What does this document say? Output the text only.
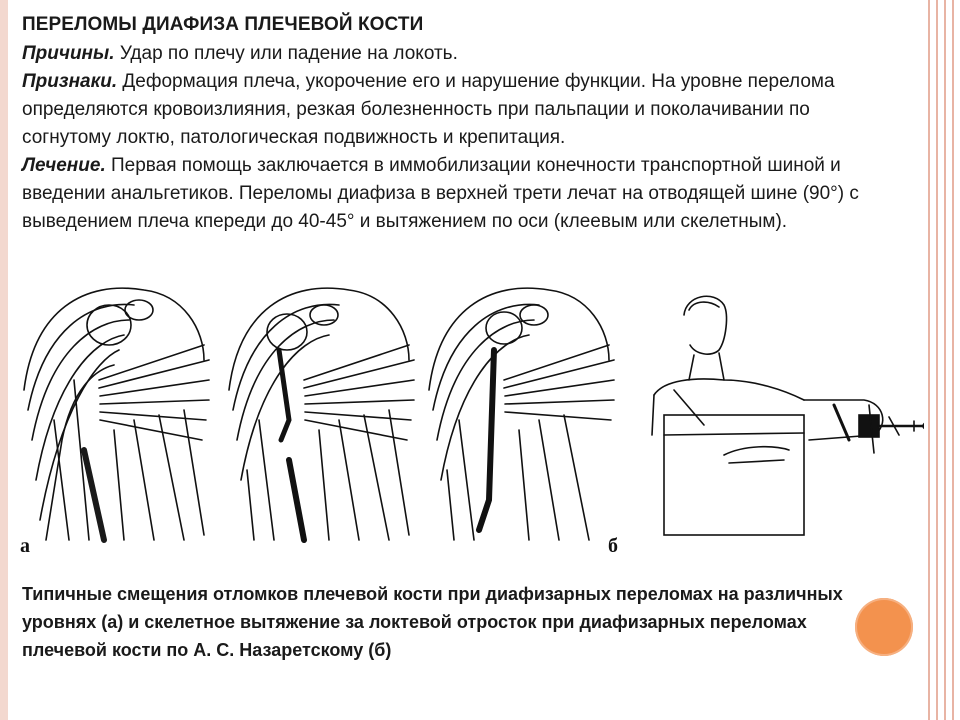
ПЕРЕЛОМЫ ДИАФИЗА ПЛЕЧЕВОЙ КОСТИ

Причины. Удар по плечу или падение на локоть.

Признаки. Деформация плеча, укорочение его и нарушение функции. На уровне перелома определяются кровоизлияния, резкая болезненность при пальпации и поколачивании по согнутому локтю, патологическая подвижность и крепитация.

Лечение. Первая помощь заключается в иммобилизации конечности транспортной шиной и введении анальгетиков. Переломы диафиза в верхней трети лечат на отводящей шине (90°) с выведением плеча кпереди до 40-45° и вытяжением по оси (клеевым или скелетным).

а	б
Типичные смещения отломков плечевой кости при диафизарных переломах на различных уровнях (а) и скелетное вытяжение за локтевой отросток при диафизарных переломах плечевой кости по А. С. Назаретскому (б)
